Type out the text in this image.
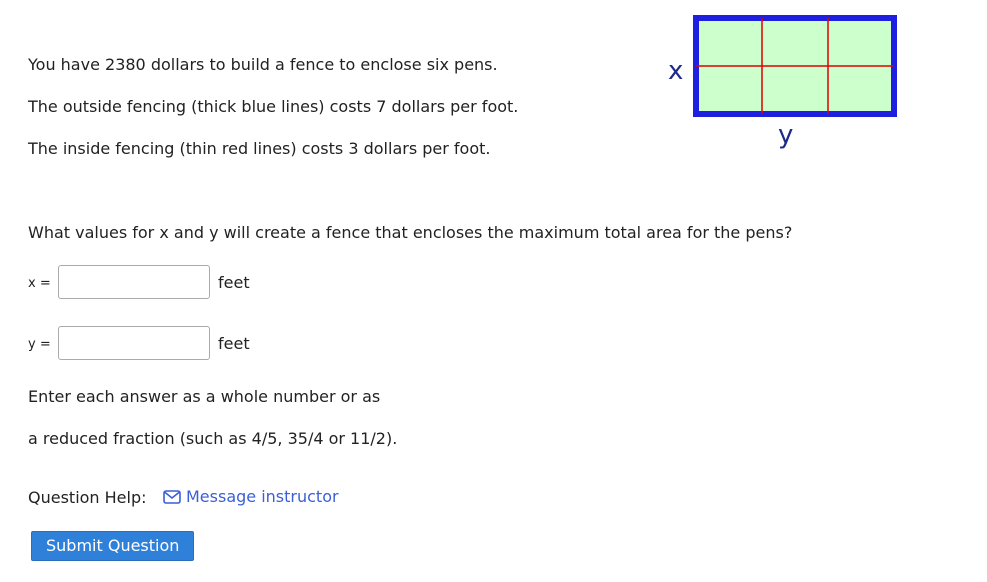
You have 2380 dollars to build a fence to enclose six pens.
The outside fencing (thick blue lines) costs 7 dollars per foot.
The inside fencing (thin red lines) costs 3 dollars per foot.
x
y
What values for x and y will create a fence that encloses the maximum total area for the pens?
x =	feet
y =	feet
Enter each answer as a whole number or as
a reduced fraction (such as 4/5, 35/4 or 11/2).
Question Help: Message instructor
Submit Question
